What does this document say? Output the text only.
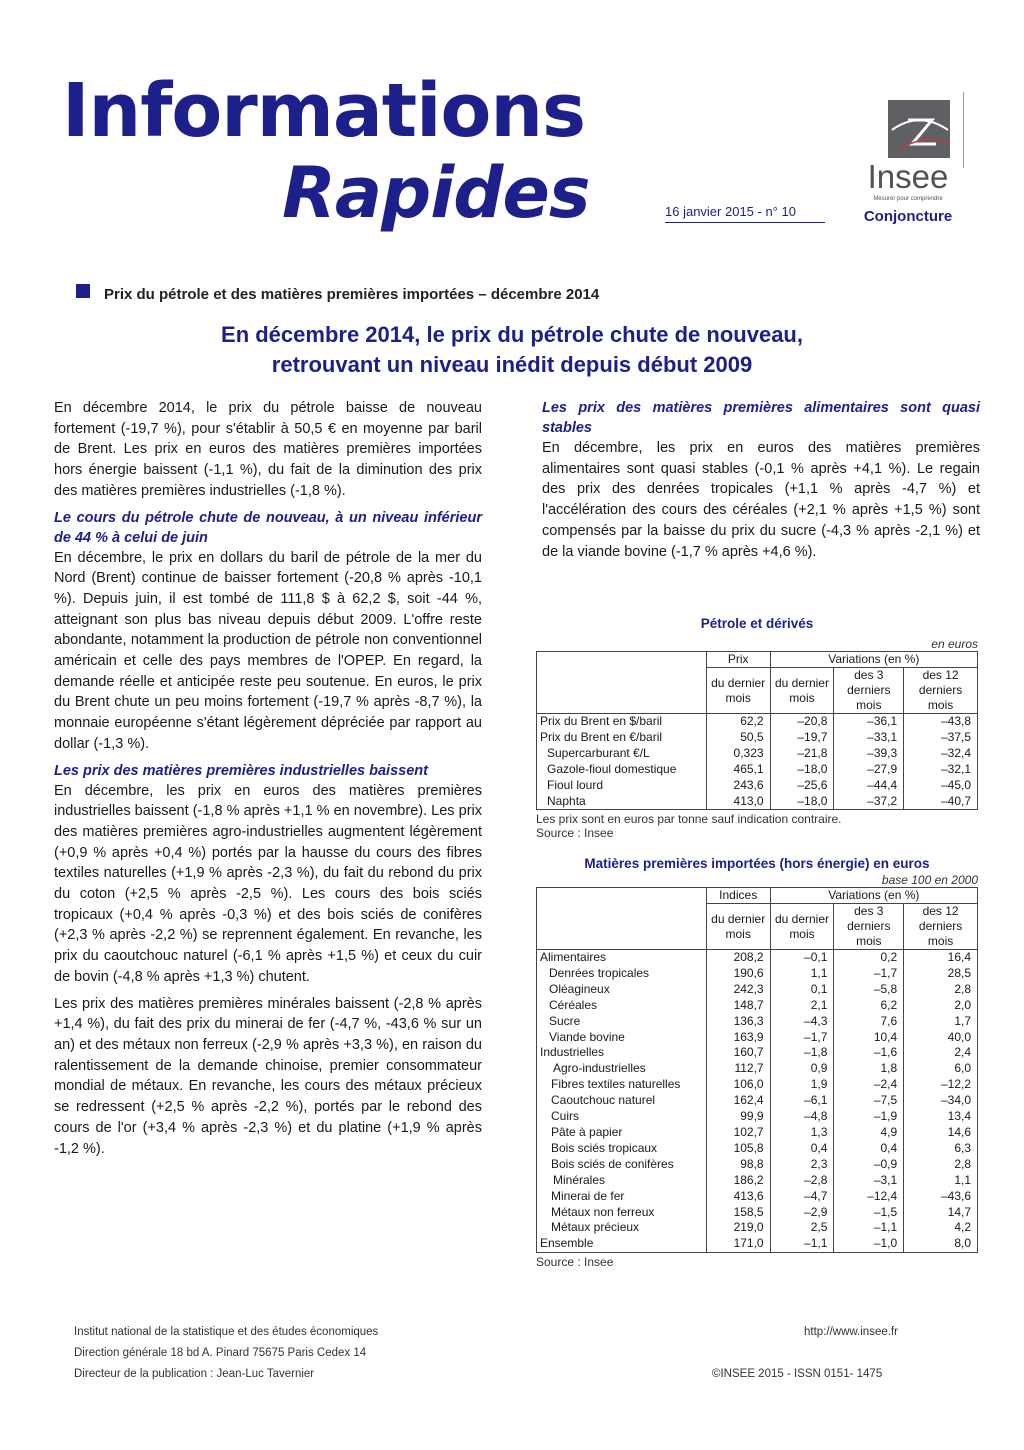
Informations
Rapides	16 janvier 2015 - n° 10
Insee
Mesurer pour comprendre
Conjoncture
Prix du pétrole et des matières premières importées – décembre 2014
En décembre 2014, le prix du pétrole chute de nouveau,
retrouvant un niveau inédit depuis début 2009

En décembre 2014, le prix du pétrole baisse de nouveau fortement (-19,7 %), pour s'établir à 50,5 € en moyenne par baril de Brent. Les prix en euros des matières premières importées hors énergie baissent (-1,1 %), du fait de la diminution des prix des matières premières industrielles (-1,8 %).

Le cours du pétrole chute de nouveau, à un niveau inférieur de 44 % à celui de juin

En décembre, le prix en dollars du baril de pétrole de la mer du Nord (Brent) continue de baisser fortement (-20,8 % après -10,1 %). Depuis juin, il est tombé de 111,8 $ à 62,2 $, soit -44 %, atteignant son plus bas niveau depuis début 2009. L'offre reste abondante, notamment la production de pétrole non conventionnel américain et celle des pays membres de l'OPEP. En regard, la demande réelle et anticipée reste peu soutenue. En euros, le prix du Brent chute un peu moins fortement (-19,7 % après -8,7 %), la monnaie européenne s'étant légèrement dépréciée par rapport au dollar (-1,3 %).

Les prix des matières premières industrielles baissent

En décembre, les prix en euros des matières premières industrielles baissent (-1,8 % après +1,1 % en novembre). Les prix des matières premières agro-industrielles augmentent légèrement (+0,9 % après +0,4 %) portés par la hausse du cours des fibres textiles naturelles (+1,9 % après -2,3 %), du fait du rebond du prix du coton (+2,5 % après -2,5 %). Les cours des bois sciés tropicaux (+0,4 % après -0,3 %) et des bois sciés de conifères (+2,3 % après -2,2 %) se reprennent également. En revanche, les prix du caoutchouc naturel (-6,1 % après +1,5 %) et ceux du cuir de bovin (-4,8 % après +1,3 %) chutent.

Les prix des matières premières minérales baissent (-2,8 % après +1,4 %), du fait des prix du minerai de fer (-4,7 %, -43,6 % sur un an) et des métaux non ferreux (-2,9 % après +3,3 %), en raison du ralentissement de la demande chinoise, premier consommateur mondial de métaux. En revanche, les cours des métaux précieux se redressent (+2,5 % après -2,2 %), portés par le rebond des cours de l'or (+3,4 % après -2,3 %) et du platine (+1,9 % après -1,2 %).

Les prix des matières premières alimentaires sont quasi stables

En décembre, les prix en euros des matières premières alimentaires sont quasi stables (-0,1 % après +4,1 %). Le regain des prix des denrées tropicales (+1,1 % après -4,7 %) et l'accélération des cours des céréales (+2,1 % après +1,5 %) sont compensés par la baisse du prix du sucre (-4,3 % après -2,1 %) et de la viande bovine (-1,7 % après +4,6 %).

Pétrole et dérivés
en euros
	Prix	Variations (en %)		
	du dernier mois	du dernier mois	des 3 derniers mois	des 12 derniers mois
Prix du Brent en $/baril	62,2	–20,8	–36,1	–43,8
Prix du Brent en €/baril	50,5	–19,7	–33,1	–37,5
Supercarburant €/L	0,323	–21,8	–39,3	–32,4
Gazole-fioul domestique	465,1	–18,0	–27,9	–32,1
Fioul lourd	243,6	–25,6	–44,4	–45,0
Naphta	413,0	–18,0	–37,2	–40,7
Les prix sont en euros par tonne sauf indication contraire.
Source : Insee
Matières premières importées (hors énergie) en euros
base 100 en 2000
	Indices	Variations (en %)		
	du dernier mois	du dernier mois	des 3 derniers mois	des 12 derniers mois
Alimentaires	208,2	–0,1	0,2	16,4
Denrées tropicales	190,6	1,1	–1,7	28,5
Oléagineux	242,3	0,1	–5,8	2,8
Céréales	148,7	2,1	6,2	2,0
Sucre	136,3	–4,3	7,6	1,7
Viande bovine	163,9	–1,7	10,4	40,0
Industrielles	160,7	–1,8	–1,6	2,4
Agro-industrielles	112,7	0,9	1,8	6,0
Fibres textiles naturelles	106,0	1,9	–2,4	–12,2
Caoutchouc naturel	162,4	–6,1	–7,5	–34,0
Cuirs	99,9	–4,8	–1,9	13,4
Pâte à papier	102,7	1,3	4,9	14,6
Bois sciés tropicaux	105,8	0,4	0,4	6,3
Bois sciés de conifères	98,8	2,3	–0,9	2,8
Minérales	186,2	–2,8	–3,1	1,1
Minerai de fer	413,6	–4,7	–12,4	–43,6
Métaux non ferreux	158,5	–2,9	–1,5	14,7
Métaux précieux	219,0	2,5	–1,1	4,2
Ensemble	171,0	–1,1	–1,0	8,0
Source : Insee
Institut national de la statistique et des études économiques
Direction générale 18 bd A. Pinard 75675 Paris Cedex 14
Directeur de la publication : Jean-Luc Tavernier
http://www.insee.fr
©INSEE 2015 - ISSN 0151- 1475
